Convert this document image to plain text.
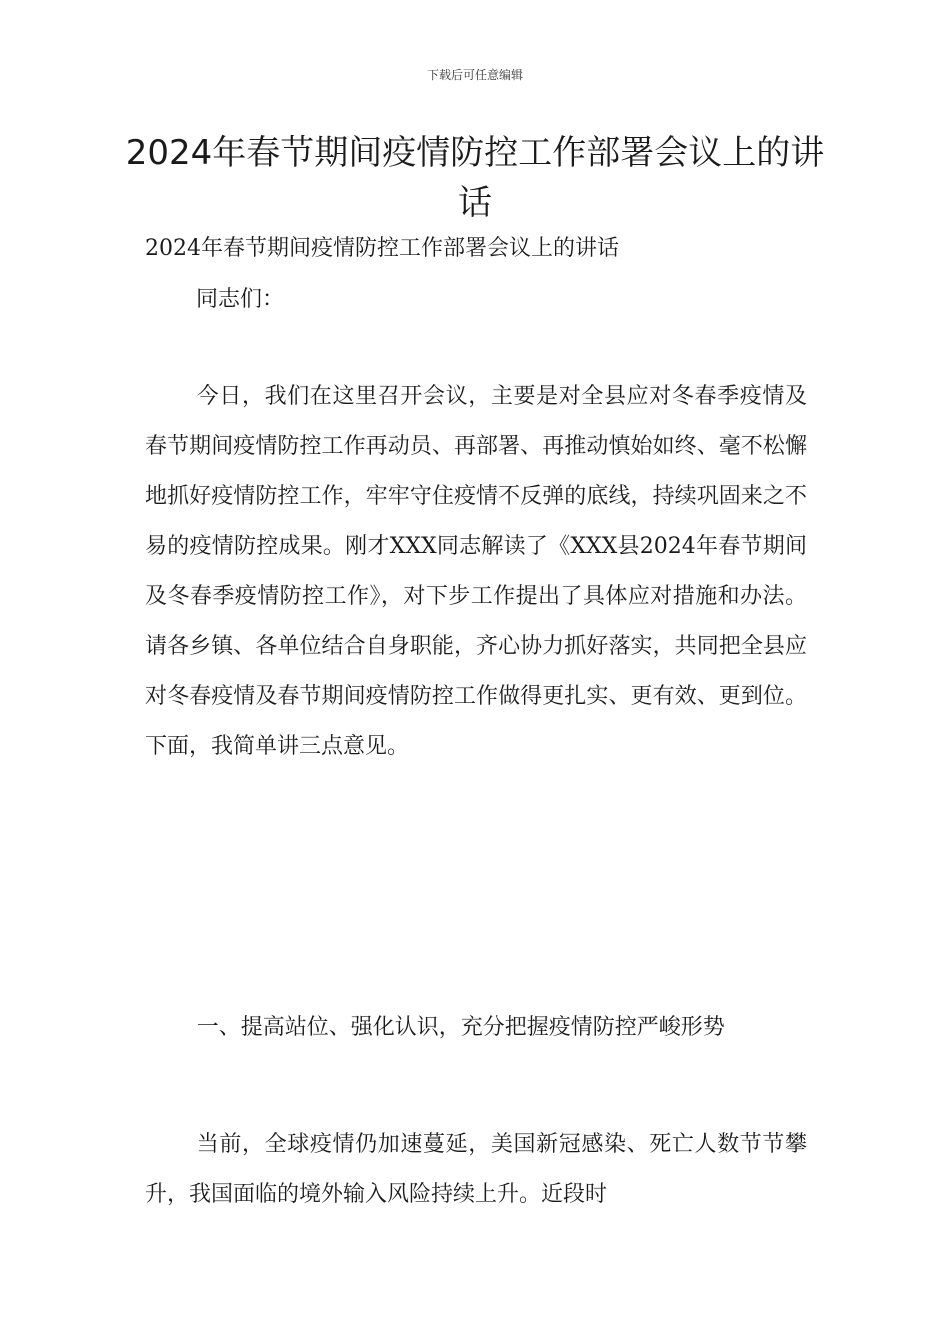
下载后可任意编辑
2024年春节期间疫情防控工作部署会议上的讲话
2024年春节期间疫情防控工作部署会议上的讲话
同志们：

今日，我们在这里召开会议，主要是对全县应对冬春季疫情及春节期间疫情防控工作再动员、再部署、再推动慎始如终、毫不松懈地抓好疫情防控工作，牢牢守住疫情不反弹的底线，持续巩固来之不易的疫情防控成果。刚才XXX同志解读了《XXX县2024年春节期间及冬春季疫情防控工作》，对下步工作提出了具体应对措施和办法。请各乡镇、各单位结合自身职能，齐心协力抓好落实，共同把全县应对冬春疫情及春节期间疫情防控工作做得更扎实、更有效、更到位。下面，我简单讲三点意见。

一、提高站位、强化认识，充分把握疫情防控严峻形势

当前，全球疫情仍加速蔓延，美国新冠感染、死亡人数节节攀升，我国面临的境外输入风险持续上升。近段时
